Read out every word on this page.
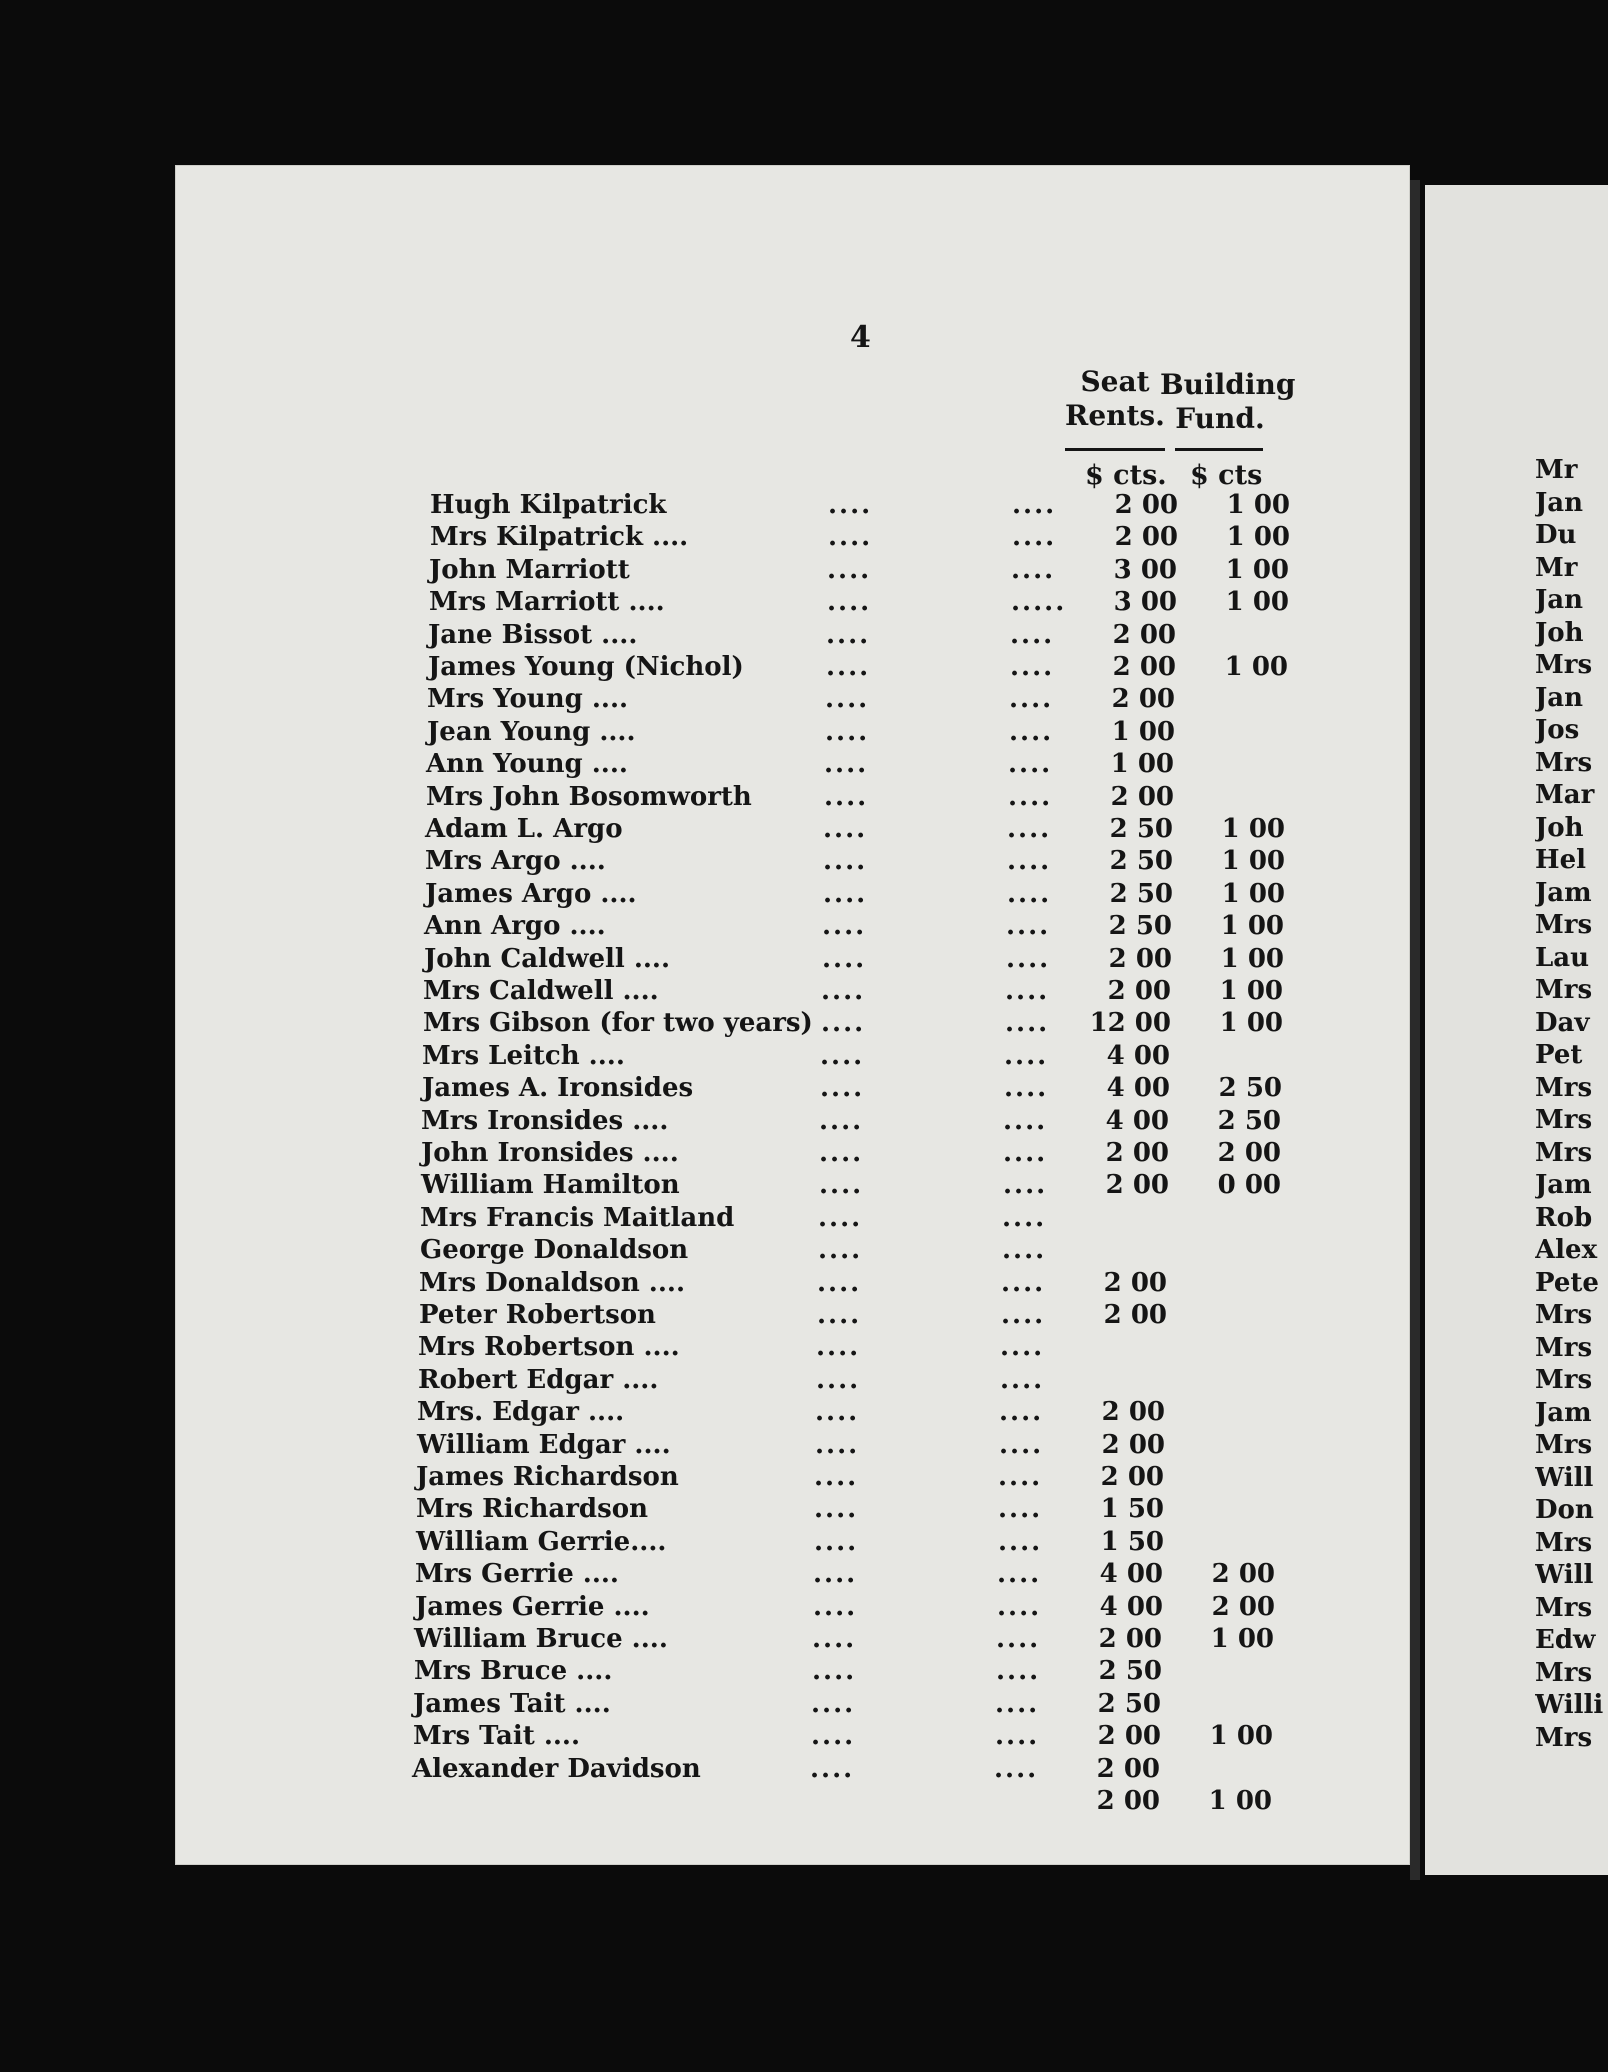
4
Seat
Rents.
Building
Fund.
$ cts. $ cts
Hugh Kilpatrick	....	....	2 00	1 00
Mrs Kilpatrick ....	....	....	2 00	1 00
John Marriott	....	....	3 00	1 00
Mrs Marriott ....	....	.....	3 00	1 00
Jane Bissot ....	....	....	2 00
James Young (Nichol)	....	....	2 00	1 00
Mrs Young ....	....	....	2 00
Jean Young ....	....	....	1 00
Ann Young ....	....	....	1 00
Mrs John Bosomworth	....	....	2 00
Adam L. Argo	....	....	2 50	1 00
Mrs Argo ....	....	....	2 50	1 00
James Argo ....	....	....	2 50	1 00
Ann Argo ....	....	....	2 50	1 00
John Caldwell ....	....	....	2 00	1 00
Mrs Caldwell ....	....	....	2 00	1 00
Mrs Gibson (for two years) ....	....	12 00	1 00
Mrs Leitch ....	....	....	4 00
James A. Ironsides	....	....	4 00	2 50
Mrs Ironsides ....	....	....	4 00	2 50
John Ironsides ....	....	....	2 00	2 00
William Hamilton	....	....	2 00	0 00
Mrs Francis Maitland	....	....
George Donaldson	....	....
Mrs Donaldson ....	....	....	2 00
Peter Robertson	....	....	2 00
Mrs Robertson ....	....	....
Robert Edgar ....	....	....
Mrs. Edgar ....	....	....	2 00
William Edgar ....	....	....	2 00
James Richardson	....	....	2 00
Mrs Richardson	....	....	1 50
William Gerrie....	....	....	1 50
Mrs Gerrie ....	....	....	4 00	2 00
James Gerrie ....	....	....	4 00	2 00
William Bruce ....	....	....	2 00	1 00
Mrs Bruce ....	....	....	2 50
James Tait ....	....	....	2 50
Mrs Tait ....	....	....	2 00	1 00
Alexander Davidson	....	....	2 00
2 00	1 00
Mr
Jan
Du
Mr
Jan
Joh
Mrs
Jan
Jos
Mrs
Mar
Joh
Hel
Jam
Mrs
Lau
Mrs
Dav
Pet
Mrs
Mrs
Mrs
Jam
Rob
Alex
Pete
Mrs
Mrs
Mrs
Jam
Mrs
Will
Don
Mrs
Will
Mrs
Edw
Mrs
Willi
Mrs
